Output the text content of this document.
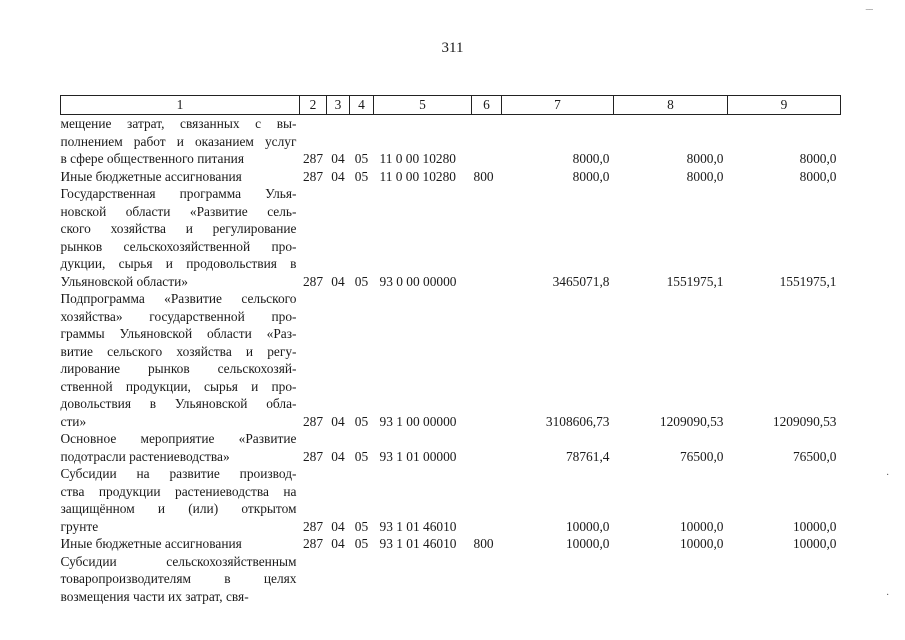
311
1	2	3	4	5	6	7	8	9
мещение затрат, связанных с вы-								
полнением работ и оказанием услуг								
в сфере общественного питания	287	04	05	11 0 00 10280		8000,0	8000,0	8000,0
Иные бюджетные ассигнования	287	04	05	11 0 00 10280	800	8000,0	8000,0	8000,0
Государственная программа Улья-								
новской области «Развитие сель-								
ского хозяйства и регулирование								
рынков сельскохозяйственной про-								
дукции, сырья и продовольствия в								
Ульяновской области»	287	04	05	93 0 00 00000		3465071,8	1551975,1	1551975,1
Подпрограмма «Развитие сельского								
хозяйства» государственной про-								
граммы Ульяновской области «Раз-								
витие сельского хозяйства и регу-								
лирование рынков сельскохозяй-								
ственной продукции, сырья и про-								
довольствия в Ульяновской обла-								
сти»	287	04	05	93 1 00 00000		3108606,73	1209090,53	1209090,53
Основное мероприятие «Развитие								
подотрасли растениеводства»	287	04	05	93 1 01 00000		78761,4	76500,0	76500,0
Субсидии на развитие производ-								
ства продукции растениеводства на								
защищённом и (или) открытом								
грунте	287	04	05	93 1 01 46010		10000,0	10000,0	10000,0
Иные бюджетные ассигнования	287	04	05	93 1 01 46010	800	10000,0	10000,0	10000,0
Субсидии сельскохозяйственным								
товаропроизводителям в целях								
возмещения части их затрат, свя-								
‾‾
·
·
